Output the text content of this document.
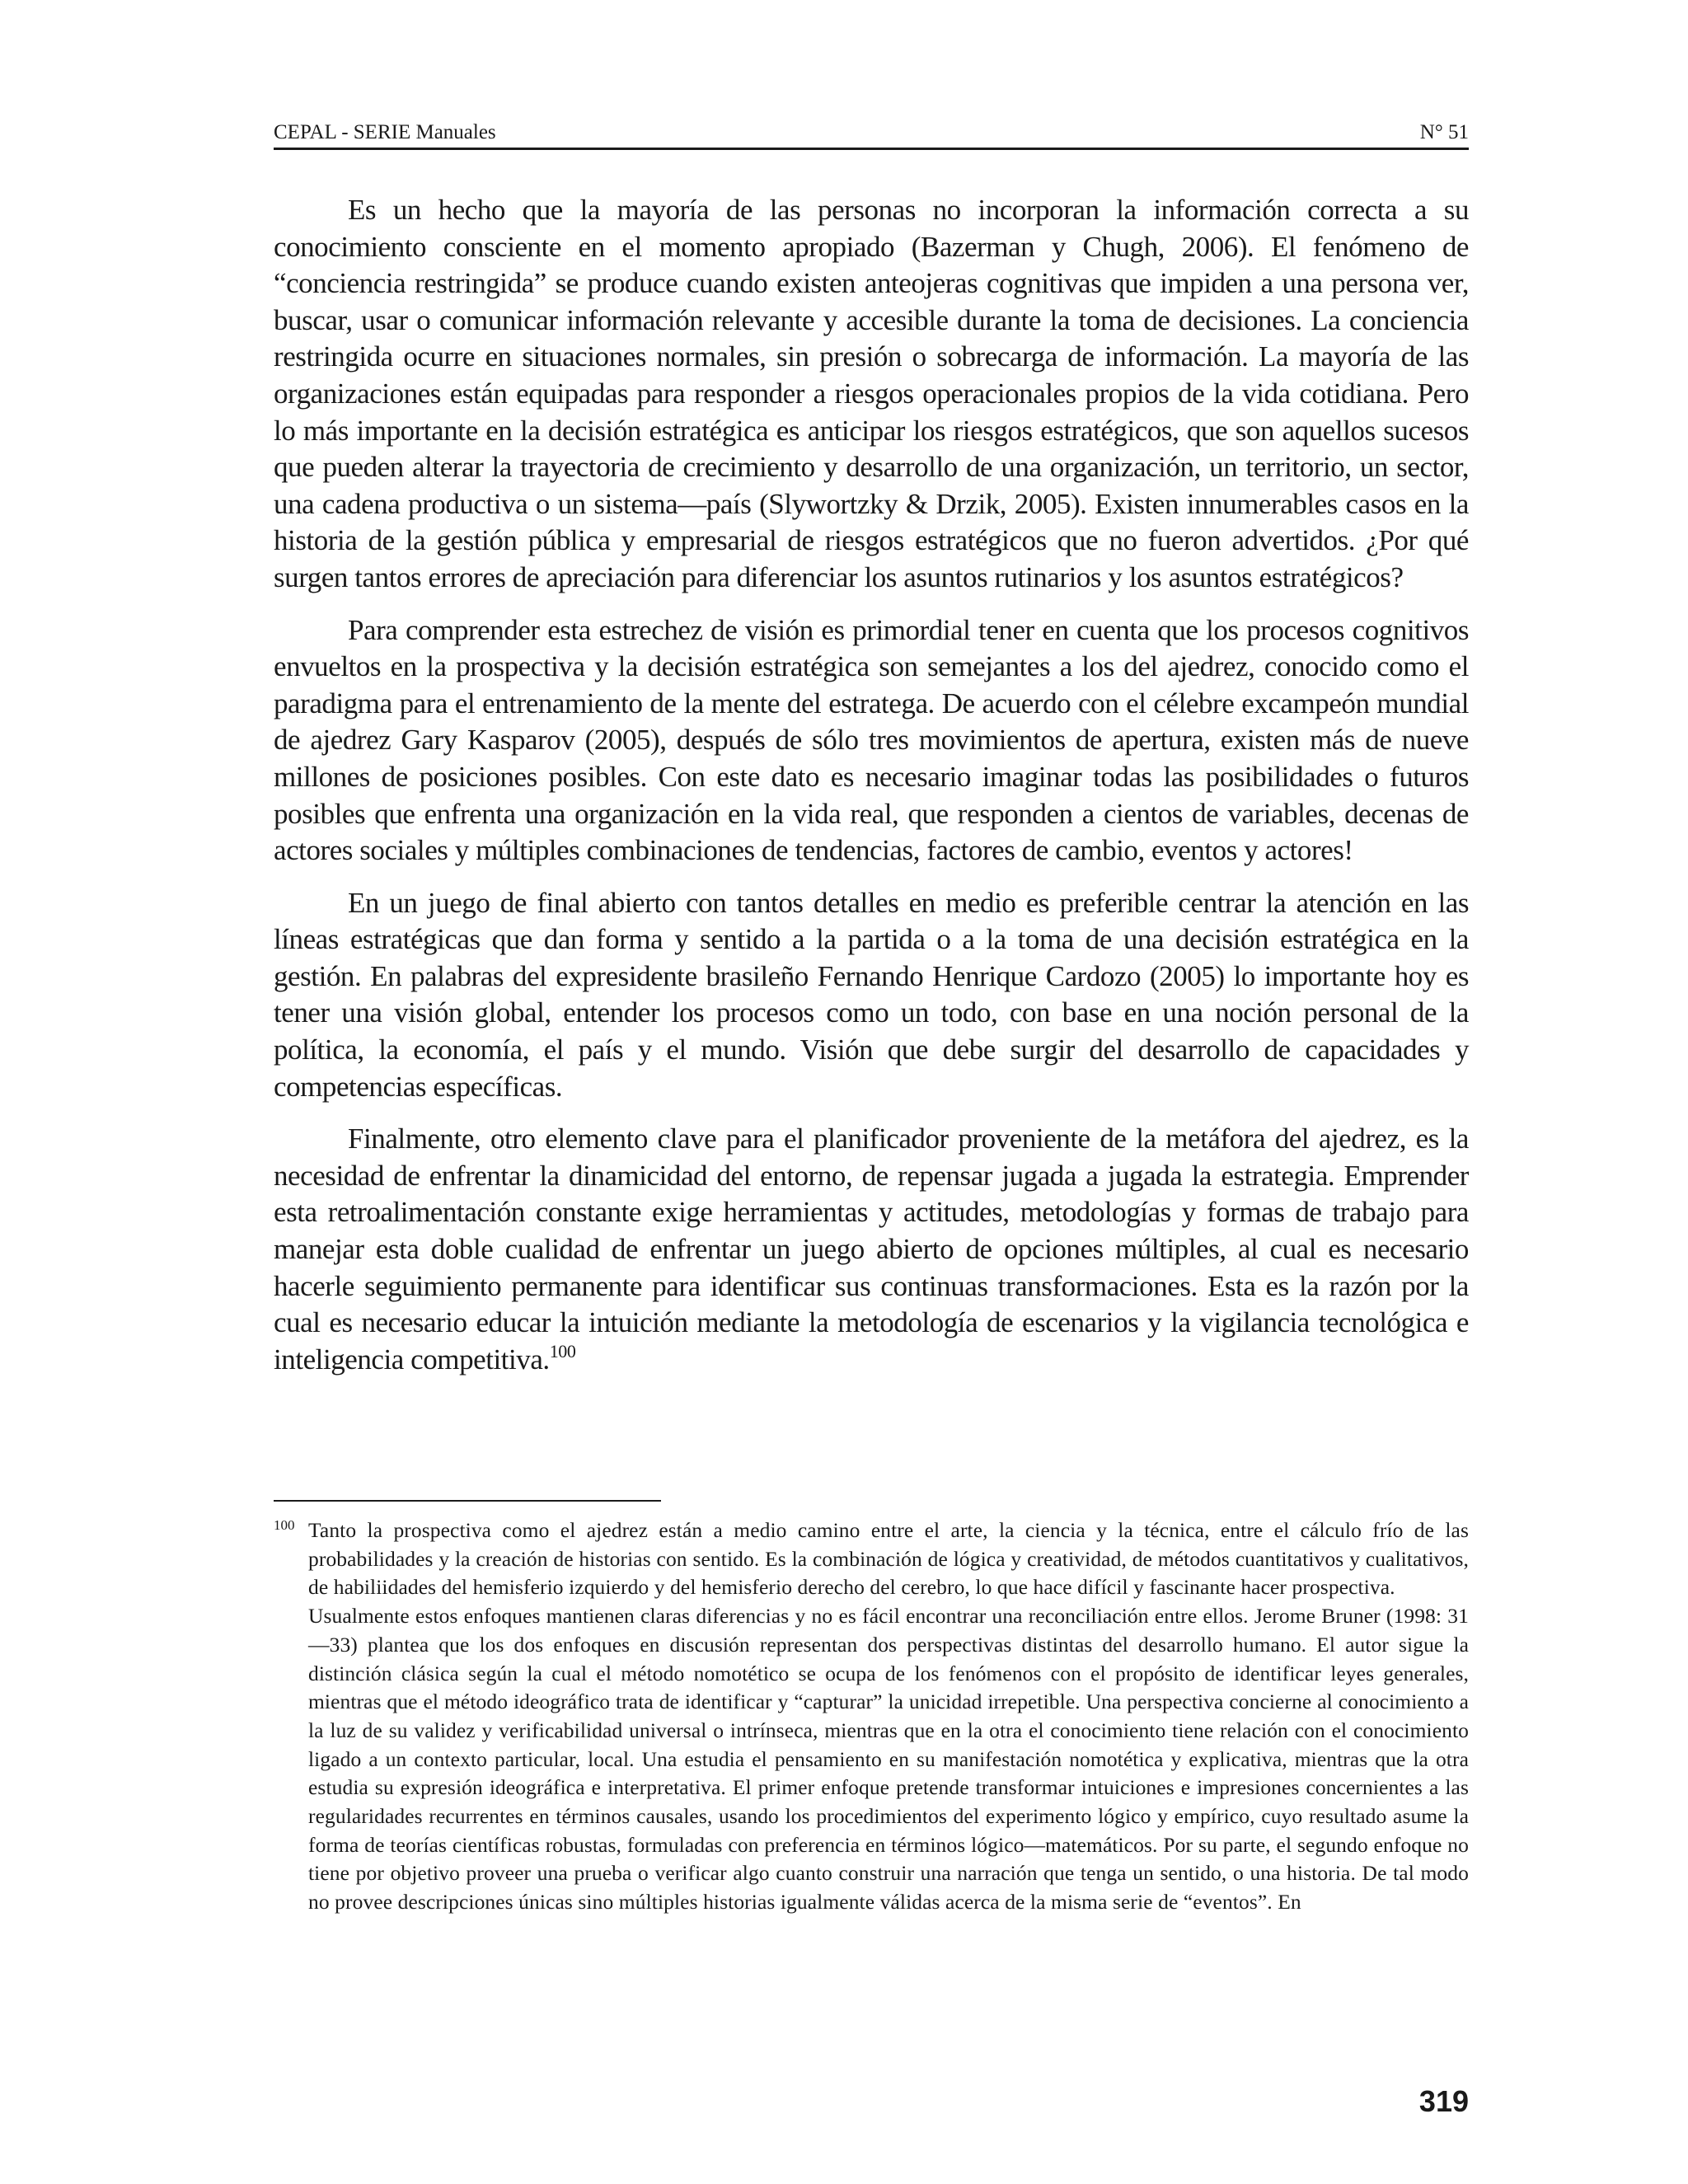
CEPAL - SERIE Manuales	N° 51

Es un hecho que la mayoría de las personas no incorporan la información correcta a su conocimiento consciente en el momento apropiado (Bazerman y Chugh, 2006). El fenómeno de “conciencia restringida” se produce cuando existen anteojeras cognitivas que impiden a una persona ver, buscar, usar o comunicar información relevante y accesible durante la toma de decisiones. La conciencia restringida ocurre en situaciones normales, sin presión o sobrecarga de información. La mayoría de las organizaciones están equipadas para responder a riesgos operacionales propios de la vida cotidiana. Pero lo más importante en la decisión estratégica es anticipar los riesgos estratégicos, que son aquellos sucesos que pueden alterar la trayectoria de crecimiento y desarrollo de una organización, un territorio, un sector, una cadena productiva o un sistema—país (Slywortzky & Drzik, 2005). Existen innumerables casos en la historia de la gestión pública y empresarial de riesgos estratégicos que no fueron advertidos. ¿Por qué surgen tantos errores de apreciación para diferenciar los asuntos rutinarios y los asuntos estratégicos?

Para comprender esta estrechez de visión es primordial tener en cuenta que los procesos cognitivos envueltos en la prospectiva y la decisión estratégica son semejantes a los del ajedrez, conocido como el paradigma para el entrenamiento de la mente del estratega. De acuerdo con el célebre excampeón mundial de ajedrez Gary Kasparov (2005), después de sólo tres movimientos de apertura, existen más de nueve millones de posiciones posibles. Con este dato es necesario imaginar todas las posibilidades o futuros posibles que enfrenta una organización en la vida real, que responden a cientos de variables, decenas de actores sociales y múltiples combinaciones de tendencias, factores de cambio, eventos y actores!

En un juego de final abierto con tantos detalles en medio es preferible centrar la atención en las líneas estratégicas que dan forma y sentido a la partida o a la toma de una decisión estratégica en la gestión. En palabras del expresidente brasileño Fernando Henrique Cardozo (2005) lo importante hoy es tener una visión global, entender los procesos como un todo, con base en una noción personal de la política, la economía, el país y el mundo. Visión que debe surgir del desarrollo de capacidades y competencias específicas.

Finalmente, otro elemento clave para el planificador proveniente de la metáfora del ajedrez, es la necesidad de enfrentar la dinamicidad del entorno, de repensar jugada a jugada la estrategia. Emprender esta retroalimentación constante exige herramientas y actitudes, metodologías y formas de trabajo para manejar esta doble cualidad de enfrentar un juego abierto de opciones múltiples, al cual es necesario hacerle seguimiento permanente para identificar sus continuas transformaciones. Esta es la razón por la cual es necesario educar la intuición mediante la metodología de escenarios y la vigilancia tecnológica e inteligencia competitiva.$^{100}$

100 Tanto la prospectiva como el ajedrez están a medio camino entre el arte, la ciencia y la técnica, entre el cálculo frío de las probabilidades y la creación de historias con sentido. Es la combinación de lógica y creatividad, de métodos cuantitativos y cualitativos, de habiliidades del hemisferio izquierdo y del hemisferio derecho del cerebro, lo que hace difícil y fascinante hacer prospectiva.

Usualmente estos enfoques mantienen claras diferencias y no es fácil encontrar una reconciliación entre ellos. Jerome Bruner (1998: 31—33) plantea que los dos enfoques en discusión representan dos perspectivas distintas del desarrollo humano. El autor sigue la distinción clásica según la cual el método nomotético se ocupa de los fenómenos con el propósito de identificar leyes generales, mientras que el método ideográfico trata de identificar y “capturar” la unicidad irrepetible. Una perspectiva concierne al conocimiento a la luz de su validez y verificabilidad universal o intrínseca, mientras que en la otra el conocimiento tiene relación con el conocimiento ligado a un contexto particular, local. Una estudia el pensamiento en su manifestación nomotética y explicativa, mientras que la otra estudia su expresión ideográfica e interpretativa. El primer enfoque pretende transformar intuiciones e impresiones concernientes a las regularidades recurrentes en términos causales, usando los procedimientos del experimento lógico y empírico, cuyo resultado asume la forma de teorías científicas robustas, formuladas con preferencia en términos lógico—matemáticos. Por su parte, el segundo enfoque no tiene por objetivo proveer una prueba o verificar algo cuanto construir una narración que tenga un sentido, o una historia. De tal modo no provee descripciones únicas sino múltiples historias igualmente válidas acerca de la misma serie de “eventos”. En

319
